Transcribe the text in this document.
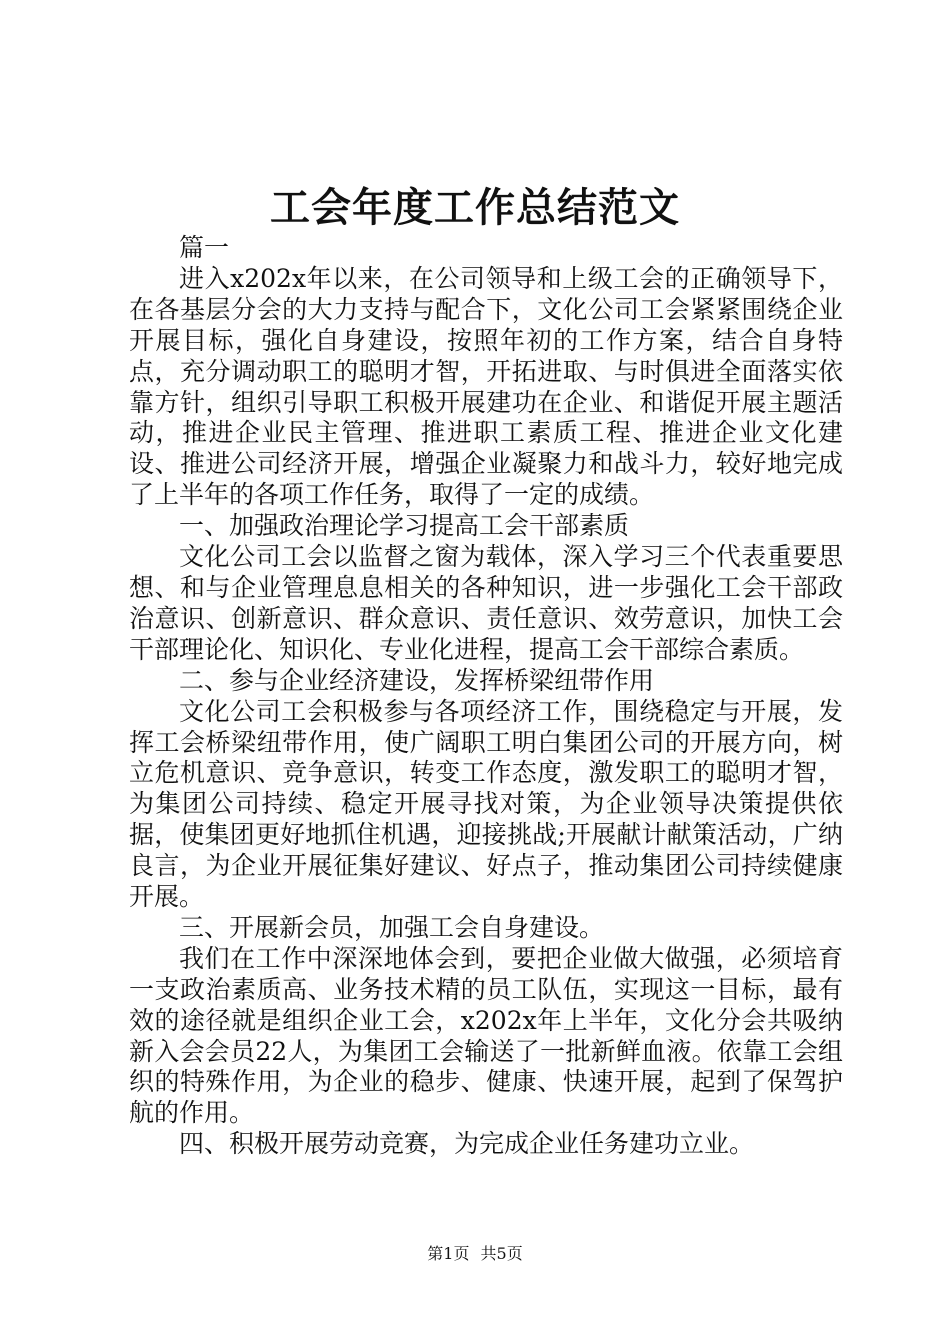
工会年度工作总结范文

篇一

进入x202x年以来，在公司领导和上级工会的正确领导下，在各基层分会的大力支持与配合下，文化公司工会紧紧围绕企业开展目标，强化自身建设，按照年初的工作方案，结合自身特点，充分调动职工的聪明才智，开拓进取、与时俱进全面落实依靠方针，组织引导职工积极开展建功在企业、和谐促开展主题活动，推进企业民主管理、推进职工素质工程、推进企业文化建设、推进公司经济开展，增强企业凝聚力和战斗力，较好地完成了上半年的各项工作任务，取得了一定的成绩。

一、加强政治理论学习提高工会干部素质

文化公司工会以监督之窗为载体，深入学习三个代表重要思想、和与企业管理息息相关的各种知识，进一步强化工会干部政治意识、创新意识、群众意识、责任意识、效劳意识，加快工会干部理论化、知识化、专业化进程，提高工会干部综合素质。

二、参与企业经济建设，发挥桥梁纽带作用

文化公司工会积极参与各项经济工作，围绕稳定与开展，发挥工会桥梁纽带作用，使广阔职工明白集团公司的开展方向，树立危机意识、竞争意识，转变工作态度，激发职工的聪明才智，为集团公司持续、稳定开展寻找对策，为企业领导决策提供依据，使集团更好地抓住机遇，迎接挑战;开展献计献策活动，广纳良言，为企业开展征集好建议、好点子，推动集团公司持续健康开展。

三、开展新会员，加强工会自身建设。

我们在工作中深深地体会到，要把企业做大做强，必须培育一支政治素质高、业务技术精的员工队伍，实现这一目标，最有效的途径就是组织企业工会，x202x年上半年，文化分会共吸纳新入会会员22人，为集团工会输送了一批新鲜血液。依靠工会组织的特殊作用，为企业的稳步、健康、快速开展，起到了保驾护航的作用。

四、积极开展劳动竞赛，为完成企业任务建功立业。

第1页 共5页
